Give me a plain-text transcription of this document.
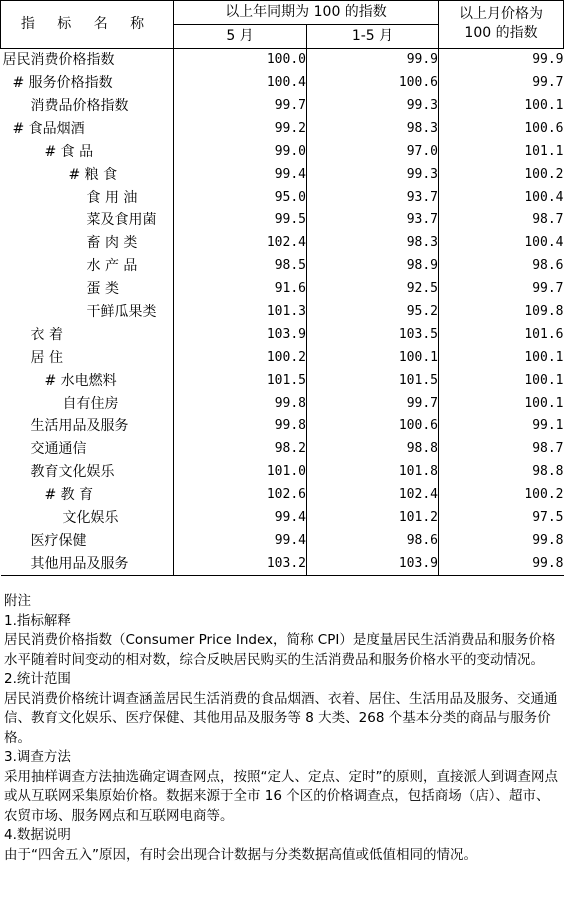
指 标 名 称	以上年同期为 100 的指数		以上月价格为
100 的指数
	5 月	1-5 月	
居民消费价格指数	100.0	99.9	99.9
# 服务价格指数	100.4	100.6	99.7
消费品价格指数	99.7	99.3	100.1
# 食品烟酒	99.2	98.3	100.6
# 食 品	99.0	97.0	101.1
# 粮 食	99.4	99.3	100.2
食 用 油	95.0	93.7	100.4
菜及食用菌	99.5	93.7	98.7
畜 肉 类	102.4	98.3	100.4
水 产 品	98.5	98.9	98.6
蛋 类	91.6	92.5	99.7
干鲜瓜果类	101.3	95.2	109.8
衣 着	103.9	103.5	101.6
居 住	100.2	100.1	100.1
# 水电燃料	101.5	101.5	100.1
自有住房	99.8	99.7	100.1
生活用品及服务	99.8	100.6	99.1
交通通信	98.2	98.8	98.7
教育文化娱乐	101.0	101.8	98.8
# 教 育	102.6	102.4	100.2
文化娱乐	99.4	101.2	97.5
医疗保健	99.4	98.6	99.8
其他用品及服务	103.2	103.9	99.8

附注

1.指标解释

居民消费价格指数（Consumer Price Index，简称 CPI）是度量居民生活消费品和服务价格水平随着时间变动的相对数，综合反映居民购买的生活消费品和服务价格水平的变动情况。

2.统计范围

居民消费价格统计调查涵盖居民生活消费的食品烟酒、衣着、居住、生活用品及服务、交通通信、教育文化娱乐、医疗保健、其他用品及服务等 8 大类、268 个基本分类的商品与服务价格。

3.调查方法

采用抽样调查方法抽选确定调查网点，按照“定人、定点、定时”的原则，直接派人到调查网点或从互联网采集原始价格。数据来源于全市 16 个区的价格调查点，包括商场（店）、超市、农贸市场、服务网点和互联网电商等。

4.数据说明

由于“四舍五入”原因，有时会出现合计数据与分类数据高值或低值相同的情况。
